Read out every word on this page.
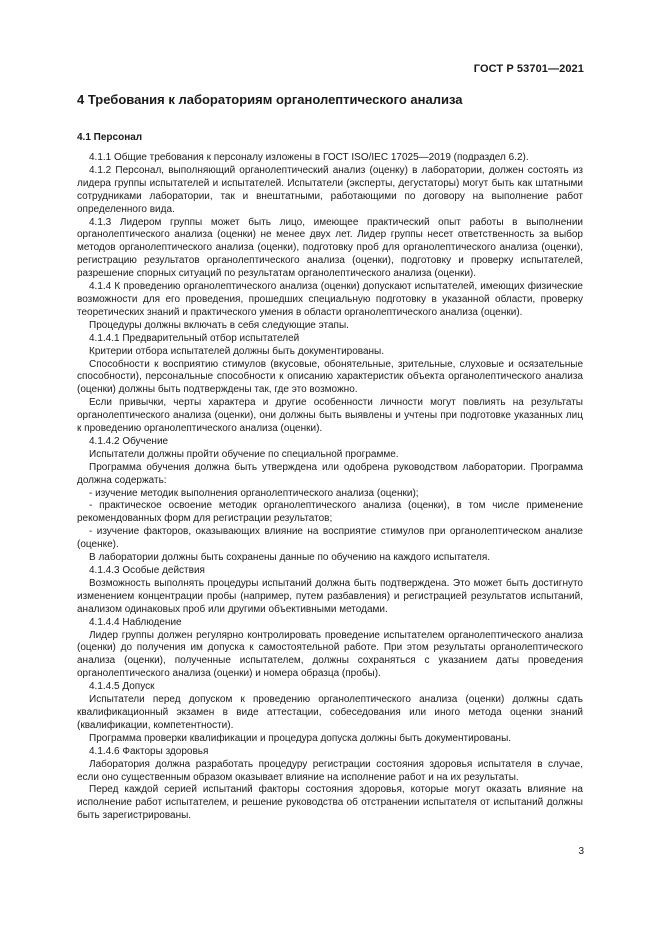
ГОСТ Р 53701—2021
4 Требования к лабораториям органолептического анализа
4.1 Персонал

4.1.1 Общие требования к персоналу изложены в ГОСТ ISO/IEC 17025—2019 (подраздел 6.2).

4.1.2 Персонал, выполняющий органолептический анализ (оценку) в лаборатории, должен состоять из лидера группы испытателей и испытателей. Испытатели (эксперты, дегустаторы) могут быть как штатными сотрудниками лаборатории, так и внештатными, работающими по договору на выполнение работ определенного вида.

4.1.3 Лидером группы может быть лицо, имеющее практический опыт работы в выполнении органолептического анализа (оценки) не менее двух лет. Лидер группы несет ответственность за выбор методов органолептического анализа (оценки), подготовку проб для органолептического анализа (оценки), регистрацию результатов органолептического анализа (оценки), подготовку и проверку испытателей, разрешение спорных ситуаций по результатам органолептического анализа (оценки).

4.1.4 К проведению органолептического анализа (оценки) допускают испытателей, имеющих физические возможности для его проведения, прошедших специальную подготовку в указанной области, проверку теоретических знаний и практического умения в области органолептического анализа (оценки).

Процедуры должны включать в себя следующие этапы.

4.1.4.1 Предварительный отбор испытателей

Критерии отбора испытателей должны быть документированы.

Способности к восприятию стимулов (вкусовые, обонятельные, зрительные, слуховые и осязательные способности), персональные способности к описанию характеристик объекта органолептического анализа (оценки) должны быть подтверждены так, где это возможно.

Если привычки, черты характера и другие особенности личности могут повлиять на результаты органолептического анализа (оценки), они должны быть выявлены и учтены при подготовке указанных лиц к проведению органолептического анализа (оценки).

4.1.4.2 Обучение

Испытатели должны пройти обучение по специальной программе.

Программа обучения должна быть утверждена или одобрена руководством лаборатории. Программа должна содержать:

- изучение методик выполнения органолептического анализа (оценки);

- практическое освоение методик органолептического анализа (оценки), в том числе применение рекомендованных форм для регистрации результатов;

- изучение факторов, оказывающих влияние на восприятие стимулов при органолептическом анализе (оценке).

В лаборатории должны быть сохранены данные по обучению на каждого испытателя.

4.1.4.3 Особые действия

Возможность выполнять процедуры испытаний должна быть подтверждена. Это может быть достигнуто изменением концентрации пробы (например, путем разбавления) и регистрацией результатов испытаний, анализом одинаковых проб или другими объективными методами.

4.1.4.4 Наблюдение

Лидер группы должен регулярно контролировать проведение испытателем органолептического анализа (оценки) до получения им допуска к самостоятельной работе. При этом результаты органолептического анализа (оценки), полученные испытателем, должны сохраняться с указанием даты проведения органолептического анализа (оценки) и номера образца (пробы).

4.1.4.5 Допуск

Испытатели перед допуском к проведению органолептического анализа (оценки) должны сдать квалификационный экзамен в виде аттестации, собеседования или иного метода оценки знаний (квалификации, компетентности).

Программа проверки квалификации и процедура допуска должны быть документированы.

4.1.4.6 Факторы здоровья

Лаборатория должна разработать процедуру регистрации состояния здоровья испытателя в случае, если оно существенным образом оказывает влияние на исполнение работ и на их результаты.

Перед каждой серией испытаний факторы состояния здоровья, которые могут оказать влияние на исполнение работ испытателем, и решение руководства об отстранении испытателя от испытаний должны быть зарегистрированы.

3
